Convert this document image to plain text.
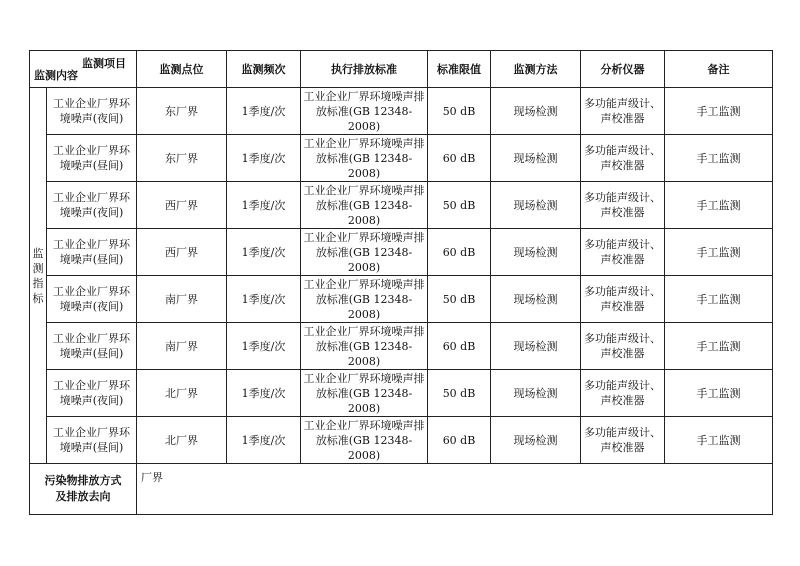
监测项目
监测内容		监测点位	监测频次	执行排放标准	标准限值	监测方法	分析仪器	备注

监
测
指
标	工业企业厂界环境噪声(夜间)	东厂界	1季度/次	工业企业厂界环境噪声排放标准(GB 12348-2008)	50 dB	现场检测	多功能声级计、声校准器	手工监测

	工业企业厂界环境噪声(昼间)	东厂界	1季度/次	工业企业厂界环境噪声排放标准(GB 12348-2008)	60 dB	现场检测	多功能声级计、声校准器	手工监测

	工业企业厂界环境噪声(夜间)	西厂界	1季度/次	工业企业厂界环境噪声排放标准(GB 12348-2008)	50 dB	现场检测	多功能声级计、声校准器	手工监测

	工业企业厂界环境噪声(昼间)	西厂界	1季度/次	工业企业厂界环境噪声排放标准(GB 12348-2008)	60 dB	现场检测	多功能声级计、声校准器	手工监测

	工业企业厂界环境噪声(夜间)	南厂界	1季度/次	工业企业厂界环境噪声排放标准(GB 12348-2008)	50 dB	现场检测	多功能声级计、声校准器	手工监测

	工业企业厂界环境噪声(昼间)	南厂界	1季度/次	工业企业厂界环境噪声排放标准(GB 12348-2008)	60 dB	现场检测	多功能声级计、声校准器	手工监测

	工业企业厂界环境噪声(夜间)	北厂界	1季度/次	工业企业厂界环境噪声排放标准(GB 12348-2008)	50 dB	现场检测	多功能声级计、声校准器	手工监测

	工业企业厂界环境噪声(昼间)	北厂界	1季度/次	工业企业厂界环境噪声排放标准(GB 12348-2008)	60 dB	现场检测	多功能声级计、声校准器	手工监测

污染物排放方式
及排放去向		厂界						
